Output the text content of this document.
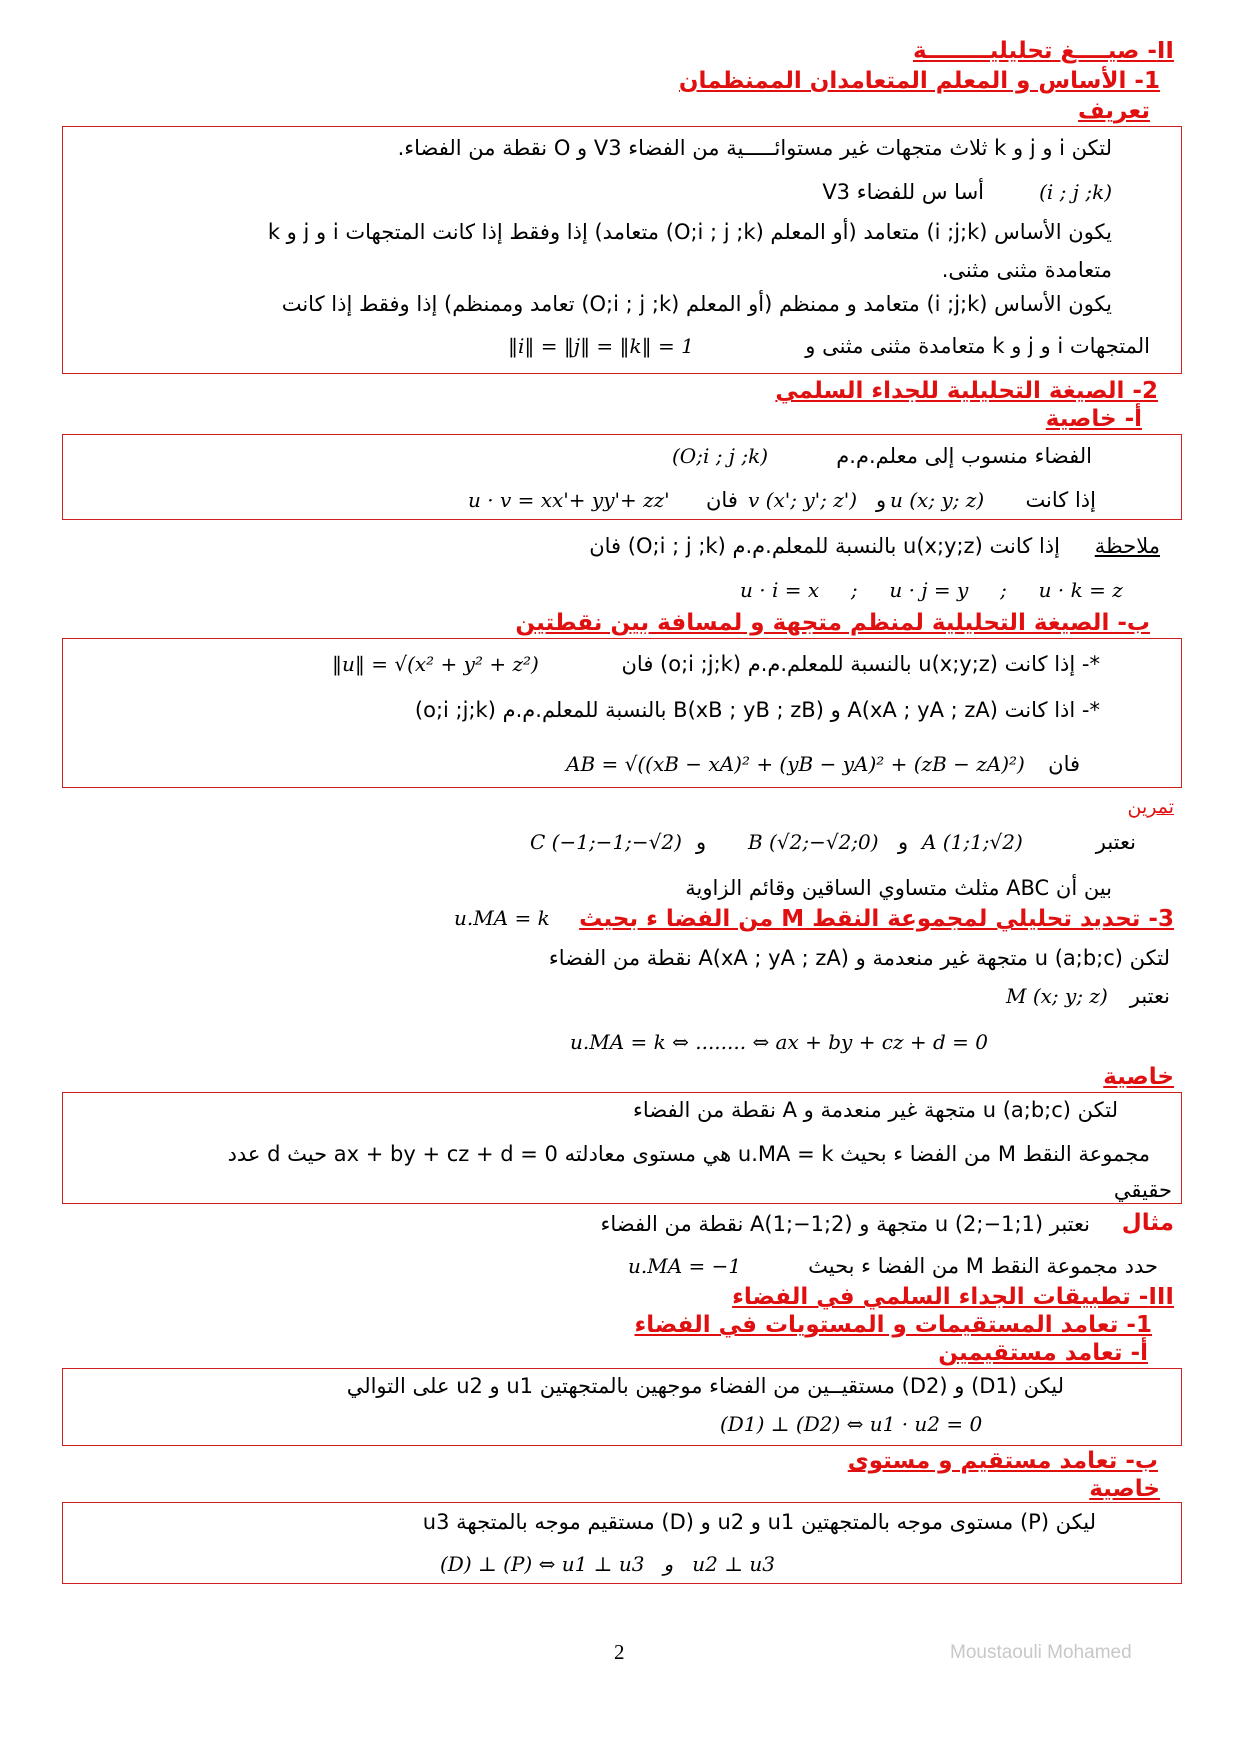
II- صيــــغ تحليليــــــــة
1- الأساس و المعلم المتعامدان الممنظمان
تعريف
لتكن i و j و k ثلاث متجهات غير مستوائـــــية من الفضاء V3 و O نقطة من الفضاء.
(i ; j ;k)
أسا س للفضاء V3
يكون الأساس (i ;j;k) متعامد (أو المعلم (O;i ; j ;k) متعامد) إذا وفقط إذا كانت المتجهات i و j و k
متعامدة مثنى مثنى.
يكون الأساس (i ;j;k) متعامد و ممنظم (أو المعلم (O;i ; j ;k) تعامد وممنظم) إذا وفقط إذا كانت
المتجهات i و j و k متعامدة مثنى مثنى و
‖i‖ = ‖j‖ = ‖k‖ = 1
2- الصيغة التحليلية للجداء السلمي
أ- خاصية
الفضاء منسوب إلى معلم.م.م
(O;i ; j ;k)
إذا كانت
u (x; y; z)
و
v (x'; y'; z')
فان
u · v = xx'+ yy'+ zz'
ملاحظة
إذا كانت u(x;y;z) بالنسبة للمعلم.م.م (O;i ; j ;k) فان
u · i = x     ;     u · j = y     ;     u · k = z
ب- الصيغة التحليلية لمنظم متجهة و لمسافة بين نقطتين
*- إذا كانت u(x;y;z) بالنسبة للمعلم.م.م (o;i ;j;k) فان
‖u‖ = √(x² + y² + z²)
*- اذا كانت A(xA ; yA ; zA) و B(xB ; yB ; zB) بالنسبة للمعلم.م.م (o;i ;j;k)
فان
AB = √((xB − xA)² + (yB − yA)² + (zB − zA)²)
تمرين
نعتبر
A (1;1;√2)
و
B (√2;−√2;0)
و
C (−1;−1;−√2)
بين أن ABC مثلث متساوي الساقين وقائم الزاوية
3- تحديد تحليلي لمجموعة النقط M من الفضا ء بحيث
u.MA = k
لتكن u (a;b;c) متجهة غير منعدمة و A(xA ; yA ; zA) نقطة من الفضاء
نعتبر
M (x; y; z)
u.MA = k ⇔ ........ ⇔ ax + by + cz + d = 0
خاصية
لتكن u (a;b;c) متجهة غير منعدمة و A نقطة من الفضاء
مجموعة النقط M من الفضا ء بحيث u.MA = k هي مستوى معادلته ax + by + cz + d = 0 حيث d عدد
حقيقي
مثال
نعتبر u (2;−1;1) متجهة و A(1;−1;2) نقطة من الفضاء
حدد مجموعة النقط M من الفضا ء بحيث
u.MA = −1
III- تطبيقات الجداء السلمي في الفضاء
1- تعامد المستقيمات و المستويات في الفضاء
أ- تعامد مستقيمين
ليكن (D1) و (D2) مستقيــين من الفضاء موجهين بالمتجهتين u1 و u2 على التوالي
(D1) ⊥ (D2) ⇔ u1 · u2 = 0
ب- تعامد مستقيم و مستوى
خاصية
ليكن (P) مستوى موجه بالمتجهتين u1 و u2 و (D) مستقيم موجه بالمتجهة u3
(D) ⊥ (P) ⇔ u1 ⊥ u3   و   u2 ⊥ u3
2	Moustaouli Mohamed
